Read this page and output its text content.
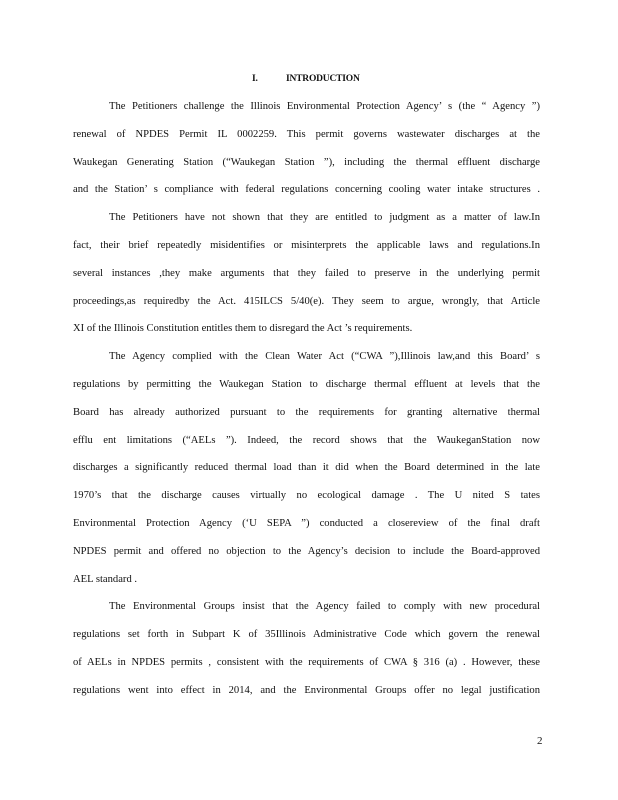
I.	INTRODUCTION
The Petitioners challenge the Illinois Environmental Protection Agency’ s (the “ Agency ”)
renewal of NPDES Permit IL 0002259. This permit governs wastewater discharges at the
Waukegan Generating Station (“Waukegan Station ”), including the thermal effluent discharge
and the Station’ s compliance with federal regulations concerning cooling water intake structures .
The Petitioners have not shown that they are entitled to judgment as a matter of law.In
fact, their brief repeatedly misidentifies or misinterprets the applicable laws and regulations.In
several instances ,they make arguments that they failed to preserve in the underlying permit
proceedings,as requiredby the Act. 415ILCS 5/40(e). They seem to argue, wrongly, that Article
XI of the Illinois Constitution entitles them to disregard the Act ’s requirements.
The Agency complied with the Clean Water Act (“CWA ”),Illinois law,and this Board’ s
regulations by permitting the Waukegan Station to discharge thermal effluent at levels that the
Board has already authorized pursuant to the requirements for granting alternative thermal
efflu ent limitations (“AELs ”). Indeed, the record shows that the WaukeganStation now
discharges a significantly reduced thermal load than it did when the Board determined in the late
1970’s that the discharge causes virtually no ecological damage . The U nited S tates
Environmental Protection Agency (‘U SEPA ”) conducted a closereview of the final draft
NPDES permit and offered no objection to the Agency’s decision to include the Board-approved
AEL standard .
The Environmental Groups insist that the Agency failed to comply with new procedural
regulations set forth in Subpart K of 35Illinois Administrative Code which govern the renewal
of AELs in NPDES permits , consistent with the requirements of CWA § 316 (a) . However, these
regulations went into effect in 2014, and the Environmental Groups offer no legal justification
2
